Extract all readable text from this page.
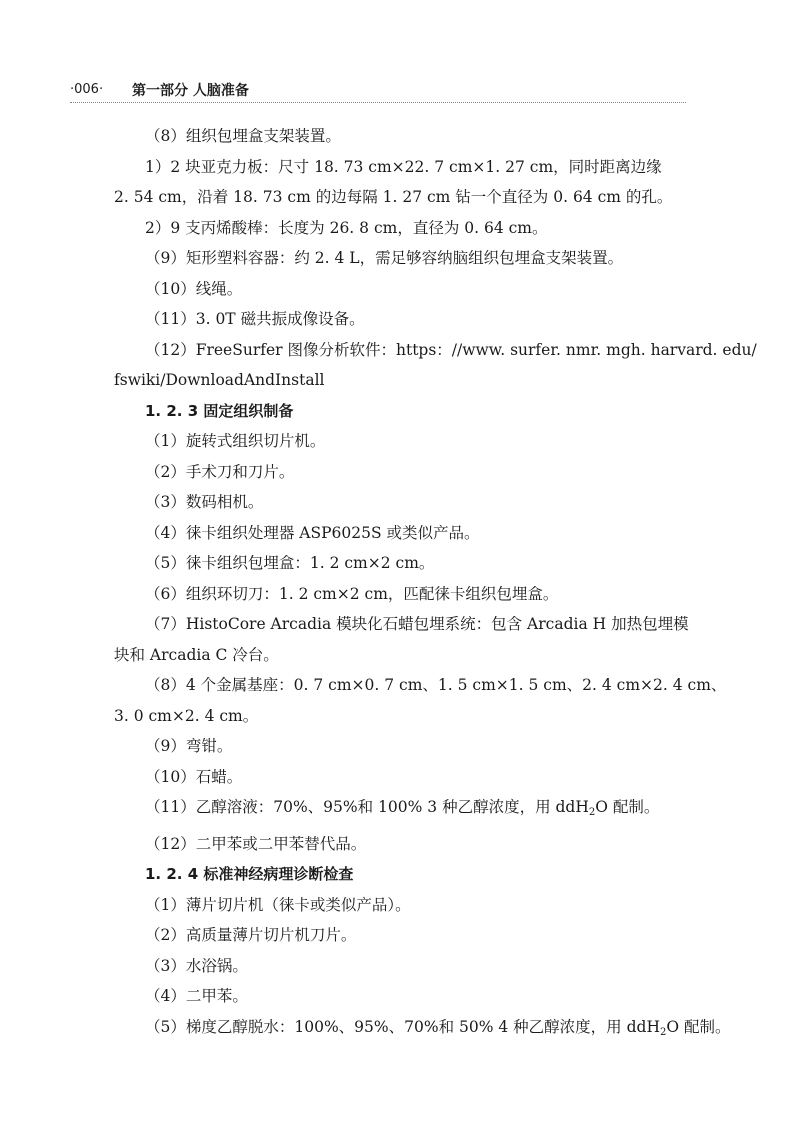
·006· 第一部分 人脑准备
（8）组织包埋盒支架装置。
1）2 块亚克力板：尺寸 18. 73 cm×22. 7 cm×1. 27 cm，同时距离边缘
2. 54 cm，沿着 18. 73 cm 的边每隔 1. 27 cm 钻一个直径为 0. 64 cm 的孔。
2）9 支丙烯酸棒：长度为 26. 8 cm，直径为 0. 64 cm。
（9）矩形塑料容器：约 2. 4 L，需足够容纳脑组织包埋盒支架装置。
（10）线绳。
（11）3. 0T 磁共振成像设备。
（12）FreeSurfer 图像分析软件：https：//www. surfer. nmr. mgh. harvard. edu/
fswiki/DownloadAndInstall
1. 2. 3 固定组织制备
（1）旋转式组织切片机。
（2）手术刀和刀片。
（3）数码相机。
（4）徕卡组织处理器 ASP6025S 或类似产品。
（5）徕卡组织包埋盒：1. 2 cm×2 cm。
（6）组织环切刀：1. 2 cm×2 cm，匹配徕卡组织包埋盒。
（7）HistoCore Arcadia 模块化石蜡包埋系统：包含 Arcadia H 加热包埋模
块和 Arcadia C 冷台。
（8）4 个金属基座：0. 7 cm×0. 7 cm、1. 5 cm×1. 5 cm、2. 4 cm×2. 4 cm、
3. 0 cm×2. 4 cm。
（9）弯钳。
（10）石蜡。
（11）乙醇溶液：70%、95%和 100% 3 种乙醇浓度，用 ddH$_2$O 配制。
（12）二甲苯或二甲苯替代品。
1. 2. 4 标准神经病理诊断检查
（1）薄片切片机（徕卡或类似产品）。
（2）高质量薄片切片机刀片。
（3）水浴锅。
（4）二甲苯。
（5）梯度乙醇脱水：100%、95%、70%和 50% 4 种乙醇浓度，用 ddH$_2$O 配制。
